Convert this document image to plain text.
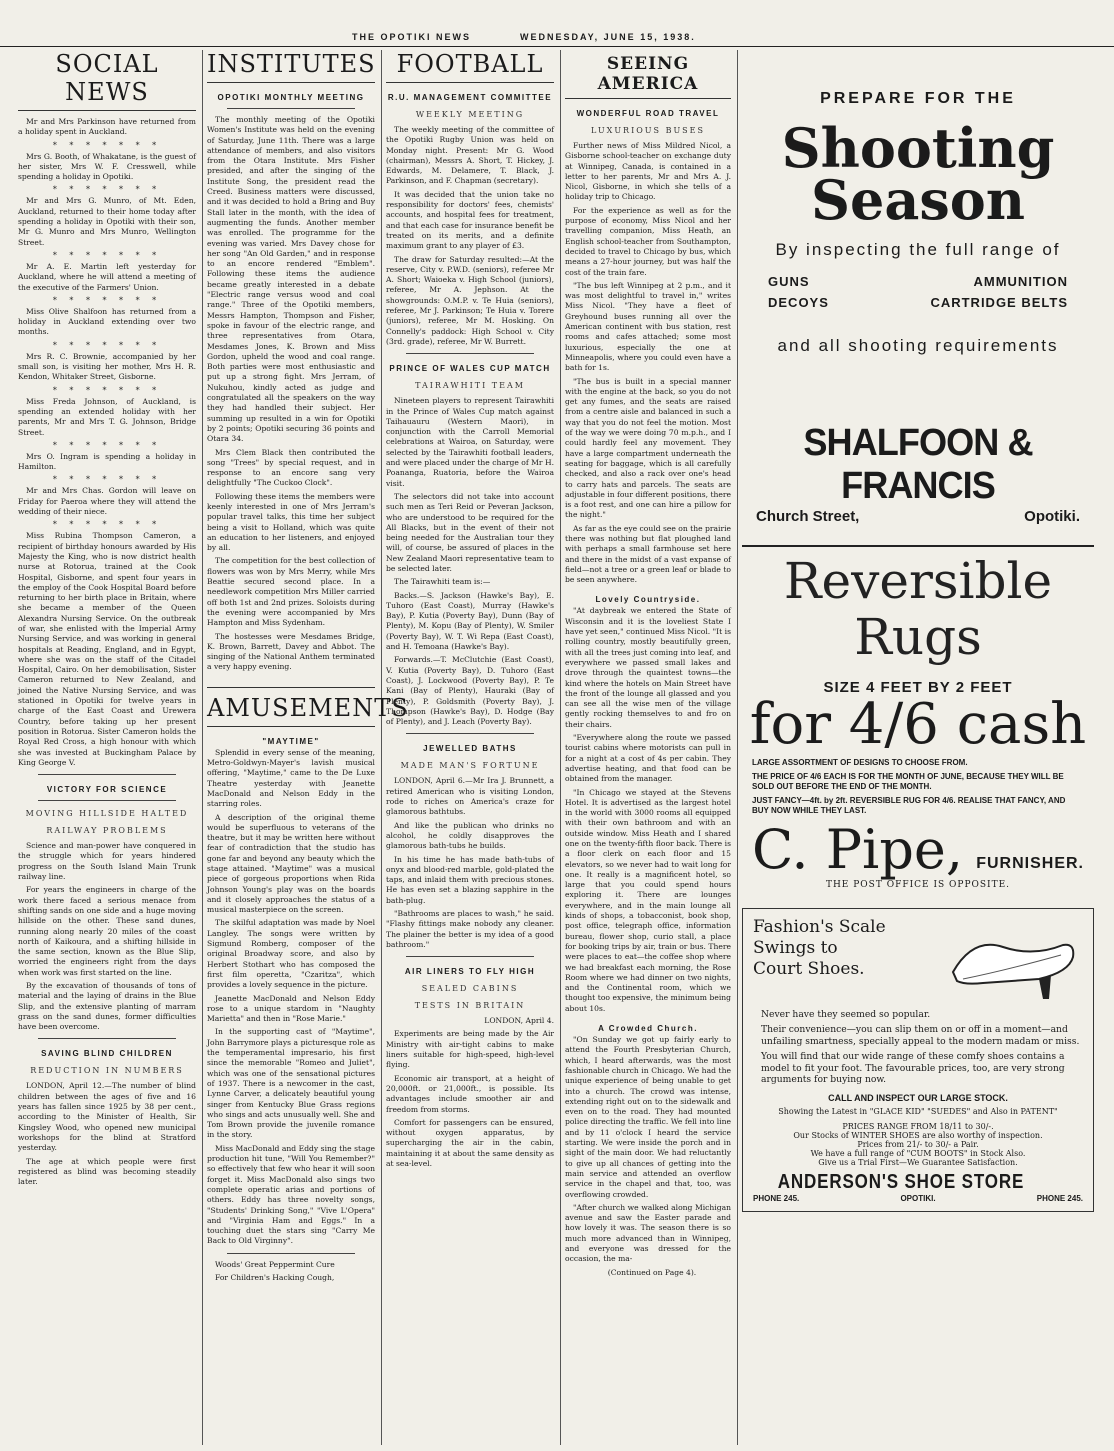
THE OPOTIKI NEWS	WEDNESDAY, JUNE 15, 1938.
SOCIAL NEWS

Mr and Mrs Parkinson have returned from a holiday spent in Auckland.

* * * * * * *

Mrs G. Booth, of Whakatane, is the guest of her sister, Mrs W. F. Cresswell, while spending a holiday in Opotiki.

* * * * * * *

Mr and Mrs G. Munro, of Mt. Eden, Auckland, returned to their home today after spending a holiday in Opotiki with their son, Mr G. Munro and Mrs Munro, Wellington Street.

* * * * * * *

Mr A. E. Martin left yesterday for Auckland, where he will attend a meeting of the executive of the Farmers' Union.

* * * * * * *

Miss Olive Shalfoon has returned from a holiday in Auckland extending over two months.

* * * * * * *

Mrs R. C. Brownie, accompanied by her small son, is visiting her mother, Mrs H. R. Kendon, Whitaker Street, Gisborne.

* * * * * * *

Miss Freda Johnson, of Auckland, is spending an extended holiday with her parents, Mr and Mrs T. G. Johnson, Bridge Street.

* * * * * * *

Mrs O. Ingram is spending a holiday in Hamilton.

* * * * * * *

Mr and Mrs Chas. Gordon will leave on Friday for Paeroa where they will attend the wedding of their niece.

* * * * * * *

Miss Rubina Thompson Cameron, a recipient of birthday honours awarded by His Majesty the King, who is now district health nurse at Rotorua, trained at the Cook Hospital, Gisborne, and spent four years in the employ of the Cook Hospital Board before returning to her birth place in Britain, where she became a member of the Queen Alexandra Nursing Service. On the outbreak of war, she enlisted with the Imperial Army Nursing Service, and was working in general hospitals at Reading, England, and in Egypt, where she was on the staff of the Citadel Hospital, Cairo. On her demobilisation, Sister Cameron returned to New Zealand, and joined the Native Nursing Service, and was stationed in Opotiki for twelve years in charge of the East Coast and Urewera Country, before taking up her present position in Rotorua. Sister Cameron holds the Royal Red Cross, a high honour with which she was invested at Buckingham Palace by King George V.

VICTORY FOR SCIENCE
MOVING HILLSIDE HALTED
RAILWAY PROBLEMS

Science and man-power have conquered in the struggle which for years hindered progress on the South Island Main Trunk railway line.

For years the engineers in charge of the work there faced a serious menace from shifting sands on one side and a huge moving hillside on the other. These sand dunes, running along nearly 20 miles of the coast north of Kaikoura, and a shifting hillside in the same section, known as the Blue Slip, worried the engineers right from the days when work was first started on the line.

By the excavation of thousands of tons of material and the laying of drains in the Blue Slip, and the extensive planting of marram grass on the sand dunes, former difficulties have been overcome.

SAVING BLIND CHILDREN
REDUCTION IN NUMBERS

LONDON, April 12.—The number of blind children between the ages of five and 16 years has fallen since 1925 by 38 per cent., according to the Minister of Health, Sir Kingsley Wood, who opened new municipal workshops for the blind at Stratford yesterday.

The age at which people were first registered as blind was becoming steadily later.

INSTITUTES
OPOTIKI MONTHLY MEETING

The monthly meeting of the Opotiki Women's Institute was held on the evening of Saturday, June 11th. There was a large attendance of members, and also visitors from the Otara Institute. Mrs Fisher presided, and after the singing of the Institute Song, the president read the Creed. Business matters were discussed, and it was decided to hold a Bring and Buy Stall later in the month, with the idea of augmenting the funds. Another member was enrolled. The programme for the evening was varied. Mrs Davey chose for her song "An Old Garden," and in response to an encore rendered "Emblem". Following these items the audience became greatly interested in a debate "Electric range versus wood and coal range." Three of the Opotiki members, Messrs Hampton, Thompson and Fisher, spoke in favour of the electric range, and three representatives from Otara, Mesdames Jones, K. Brown and Miss Gordon, upheld the wood and coal range. Both parties were most enthusiastic and put up a strong fight. Mrs Jerram, of Nukuhou, kindly acted as judge and congratulated all the speakers on the way they had handled their subject. Her summing up resulted in a win for Opotiki by 2 points; Opotiki securing 36 points and Otara 34.

Mrs Clem Black then contributed the song "Trees" by special request, and in response to an encore sang very delightfully "The Cuckoo Clock".

Following these items the members were keenly interested in one of Mrs Jerram's popular travel talks, this time her subject being a visit to Holland, which was quite an education to her listeners, and enjoyed by all.

The competition for the best collection of flowers was won by Mrs Merry, while Mrs Beattie secured second place. In a needlework competition Mrs Miller carried off both 1st and 2nd prizes. Soloists during the evening were accompanied by Mrs Hampton and Miss Sydenham.

The hostesses were Mesdames Bridge, K. Brown, Barrett, Davey and Abbot. The singing of the National Anthem terminated a very happy evening.

AMUSEMENTS
"MAYTIME"

Splendid in every sense of the meaning, Metro-Goldwyn-Mayer's lavish musical offering, "Maytime," came to the De Luxe Theatre yesterday with Jeanette MacDonald and Nelson Eddy in the starring roles.

A description of the original theme would be superfluous to veterans of the theatre, but it may be written here without fear of contradiction that the studio has gone far and beyond any beauty which the stage attained. "Maytime" was a musical piece of gorgeous proportions when Rida Johnson Young's play was on the boards and it closely approaches the status of a musical masterpiece on the screen.

The skilful adaptation was made by Noel Langley. The songs were written by Sigmund Romberg, composer of the original Broadway score, and also by Herbert Stothart who has composed the first film operetta, "Czaritza", which provides a lovely sequence in the picture.

Jeanette MacDonald and Nelson Eddy rose to a unique stardom in "Naughty Marietta" and then in "Rose Marie."

In the supporting cast of "Maytime", John Barrymore plays a picturesque role as the temperamental impresario, his first since the memorable "Romeo and Juliet", which was one of the sensational pictures of 1937. There is a newcomer in the cast, Lynne Carver, a delicately beautiful young singer from Kentucky Blue Grass regions who sings and acts unusually well. She and Tom Brown provide the juvenile romance in the story.

Miss MacDonald and Eddy sing the stage production hit tune, "Will You Remember?" so effectively that few who hear it will soon forget it. Miss MacDonald also sings two complete operatic arias and portions of others. Eddy has three novelty songs, "Students' Drinking Song," "Vive L'Opera" and "Virginia Ham and Eggs." In a touching duet the stars sing "Carry Me Back to Old Virginny".

Woods' Great Peppermint Cure

For Children's Hacking Cough,

FOOTBALL
R.U. MANAGEMENT COMMITTEE
WEEKLY MEETING

The weekly meeting of the committee of the Opotiki Rugby Union was held on Monday night. Present: Mr G. Wood (chairman), Messrs A. Short, T. Hickey, J. Edwards, M. Delamere, T. Black, J. Parkinson, and F. Chapman (secretary).

It was decided that the union take no responsibility for doctors' fees, chemists' accounts, and hospital fees for treatment, and that each case for insurance benefit be treated on its merits, and a definite maximum grant to any player of £3.

The draw for Saturday resulted:—At the reserve, City v. P.W.D. (seniors), referee Mr A. Short; Waioeka v. High School (juniors), referee, Mr A. Jephson. At the showgrounds: O.M.P. v. Te Huia (seniors), referee, Mr J. Parkinson; Te Huia v. Torere (juniors), referee, Mr M. Hosking. On Connelly's paddock: High School v. City (3rd. grade), referee, Mr W. Burrett.

PRINCE OF WALES CUP MATCH
TAIRAWHITI TEAM

Nineteen players to represent Tairawhiti in the Prince of Wales Cup match against Taihauauru (Western Maori), in conjunction with the Carroll Memorial celebrations at Wairoa, on Saturday, were selected by the Tairawhiti football leaders, and were placed under the charge of Mr H. Poananga, Ruatoria, before the Wairoa visit.

The selectors did not take into account such men as Teri Reid or Peveran Jackson, who are understood to be required for the All Blacks, but in the event of their not being needed for the Australian tour they will, of course, be assured of places in the New Zealand Maori representative team to be selected later.

The Tairawhiti team is:—

Backs.—S. Jackson (Hawke's Bay), E. Tuhoro (East Coast), Murray (Hawke's Bay), P. Kutia (Poverty Bay), Dunn (Bay of Plenty), M. Kopu (Bay of Plenty), W. Smiler (Poverty Bay), W. T. Wi Repa (East Coast), and H. Temoana (Hawke's Bay).

Forwards.—T. McClutchie (East Coast), V. Kutia (Poverty Bay), D. Tuhoro (East Coast), J. Lockwood (Poverty Bay), P. Te Kani (Bay of Plenty), Hauraki (Bay of Plenty), P. Goldsmith (Poverty Bay), J. Thompson (Hawke's Bay), D. Hodge (Bay of Plenty), and J. Leach (Poverty Bay).

JEWELLED BATHS
MADE MAN'S FORTUNE

LONDON, April 6.—Mr Ira J. Brunnett, a retired American who is visiting London, rode to riches on America's craze for glamorous bathtubs.

And like the publican who drinks no alcohol, he coldly disapproves the glamorous bath-tubs he builds.

In his time he has made bath-tubs of onyx and blood-red marble, gold-plated the taps, and inlaid them with precious stones. He has even set a blazing sapphire in the bath-plug.

"Bathrooms are places to wash," he said. "Flashy fittings make nobody any cleaner. The plainer the better is my idea of a good bathroom."

AIR LINERS TO FLY HIGH
SEALED CABINS
TESTS IN BRITAIN

LONDON, April 4.

Experiments are being made by the Air Ministry with air-tight cabins to make liners suitable for high-speed, high-level flying.

Economic air transport, at a height of 20,000ft. or 21,000ft., is possible. Its advantages include smoother air and freedom from storms.

Comfort for passengers can be ensured, without oxygen apparatus, by supercharging the air in the cabin, maintaining it at about the same density as at sea-level.

SEEING AMERICA
WONDERFUL ROAD TRAVEL
LUXURIOUS BUSES

Further news of Miss Mildred Nicol, a Gisborne school-teacher on exchange duty at Winnipeg, Canada, is contained in a letter to her parents, Mr and Mrs A. J. Nicol, Gisborne, in which she tells of a holiday trip to Chicago.

For the experience as well as for the purpose of economy, Miss Nicol and her travelling companion, Miss Heath, an English school-teacher from Southampton, decided to travel to Chicago by bus, which means a 27-hour journey, but was half the cost of the train fare.

"The bus left Winnipeg at 2 p.m., and it was most delightful to travel in," writes Miss Nicol. "They have a fleet of Greyhound buses running all over the American continent with bus station, rest rooms and cafes attached; some most luxurious, especially the one at Minneapolis, where you could even have a bath for 1s.

"The bus is built in a special manner with the engine at the back, so you do not get any fumes, and the seats are raised from a centre aisle and balanced in such a way that you do not feel the motion. Most of the way we were doing 70 m.p.h., and I could hardly feel any movement. They have a large compartment underneath the seating for baggage, which is all carefully checked, and also a rack over one's head to carry hats and parcels. The seats are adjustable in four different positions, there is a foot rest, and one can hire a pillow for the night."

As far as the eye could see on the prairie there was nothing but flat ploughed land with perhaps a small farmhouse set here and there in the midst of a vast expanse of field—not a tree or a green leaf or blade to be seen anywhere.

Lovely Countryside.

"At daybreak we entered the State of Wisconsin and it is the loveliest State I have yet seen," continued Miss Nicol. "It is rolling country, mostly beautifully green, with all the trees just coming into leaf, and everywhere we passed small lakes and drove through the quaintest towns—the kind where the hotels on Main Street have the front of the lounge all glassed and you can see all the wise men of the village gently rocking themselves to and fro on their chairs.

"Everywhere along the route we passed tourist cabins where motorists can pull in for a night at a cost of 4s per cabin. They advertise heating, and that food can be obtained from the manager.

"In Chicago we stayed at the Stevens Hotel. It is advertised as the largest hotel in the world with 3000 rooms all equipped with their own bathroom and with an outside window. Miss Heath and I shared one on the twenty-fifth floor back. There is a floor clerk on each floor and 15 elevators, so we never had to wait long for one. It really is a magnificent hotel, so large that you could spend hours exploring it. There are lounges everywhere, and in the main lounge all kinds of shops, a tobacconist, book shop, post office, telegraph office, information bureau, flower shop, curio stall, a place for booking trips by air, train or bus. There were places to eat—the coffee shop where we had breakfast each morning, the Rose Room where we had dinner on two nights, and the Continental room, which we thought too expensive, the minimum being about 10s.

A Crowded Church.

"On Sunday we got up fairly early to attend the Fourth Presbyterian Church, which, I heard afterwards, was the most fashionable church in Chicago. We had the unique experience of being unable to get into a church. The crowd was intense, extending right out on to the sidewalk and even on to the road. They had mounted police directing the traffic. We fell into line and by 11 o'clock I heard the service starting. We were inside the porch and in sight of the main door. We had reluctantly to give up all chances of getting into the main service and attended an overflow service in the chapel and that, too, was overflowing crowded.

"After church we walked along Michigan avenue and saw the Easter parade and how lovely it was. The season there is so much more advanced than in Winnipeg, and everyone was dressed for the occasion, the ma-

(Continued on Page 4).

PREPARE FOR THE
Shooting
Season
By inspecting the full range of
GUNS	AMMUNITION
DECOYS	CARTRIDGE BELTS
and all shooting requirements
SHALFOON & FRANCIS
Church Street,	Opotiki.
Reversible
Rugs
SIZE 4 FEET BY 2 FEET
for 4/6 cash
LARGE ASSORTMENT OF DESIGNS TO CHOOSE FROM.
THE PRICE OF 4/6 EACH IS FOR THE MONTH OF JUNE, BECAUSE THEY WILL BE SOLD OUT BEFORE THE END OF THE MONTH.
JUST FANCY—4ft. by 2ft. REVERSIBLE RUG FOR 4/6. REALISE THAT FANCY, AND BUY NOW WHILE THEY LAST.
C. Pipe, FURNISHER.
THE POST OFFICE IS OPPOSITE.
Fashion's Scale
Swings to
Court Shoes.
Never have they seemed so popular.
Their convenience—you can slip them on or off in a moment—and unfailing smartness, specially appeal to the modern madam or miss.
You will find that our wide range of these comfy shoes contains a model to fit your foot. The favourable prices, too, are very strong arguments for buying now.
CALL AND INSPECT OUR LARGE STOCK.
Showing the Latest in "GLACE KID" "SUEDES" and Also in PATENT"
PRICES RANGE FROM 18/11 to 30/-.
Our Stocks of WINTER SHOES are also worthy of inspection.
Prices from 21/- to 30/- a Pair.
We have a full range of "CUM BOOTS" in Stock Also.
Give us a Trial First—We Guarantee Satisfaction.
ANDERSON'S SHOE STORE
PHONE 245.	OPOTIKI.	PHONE 245.
